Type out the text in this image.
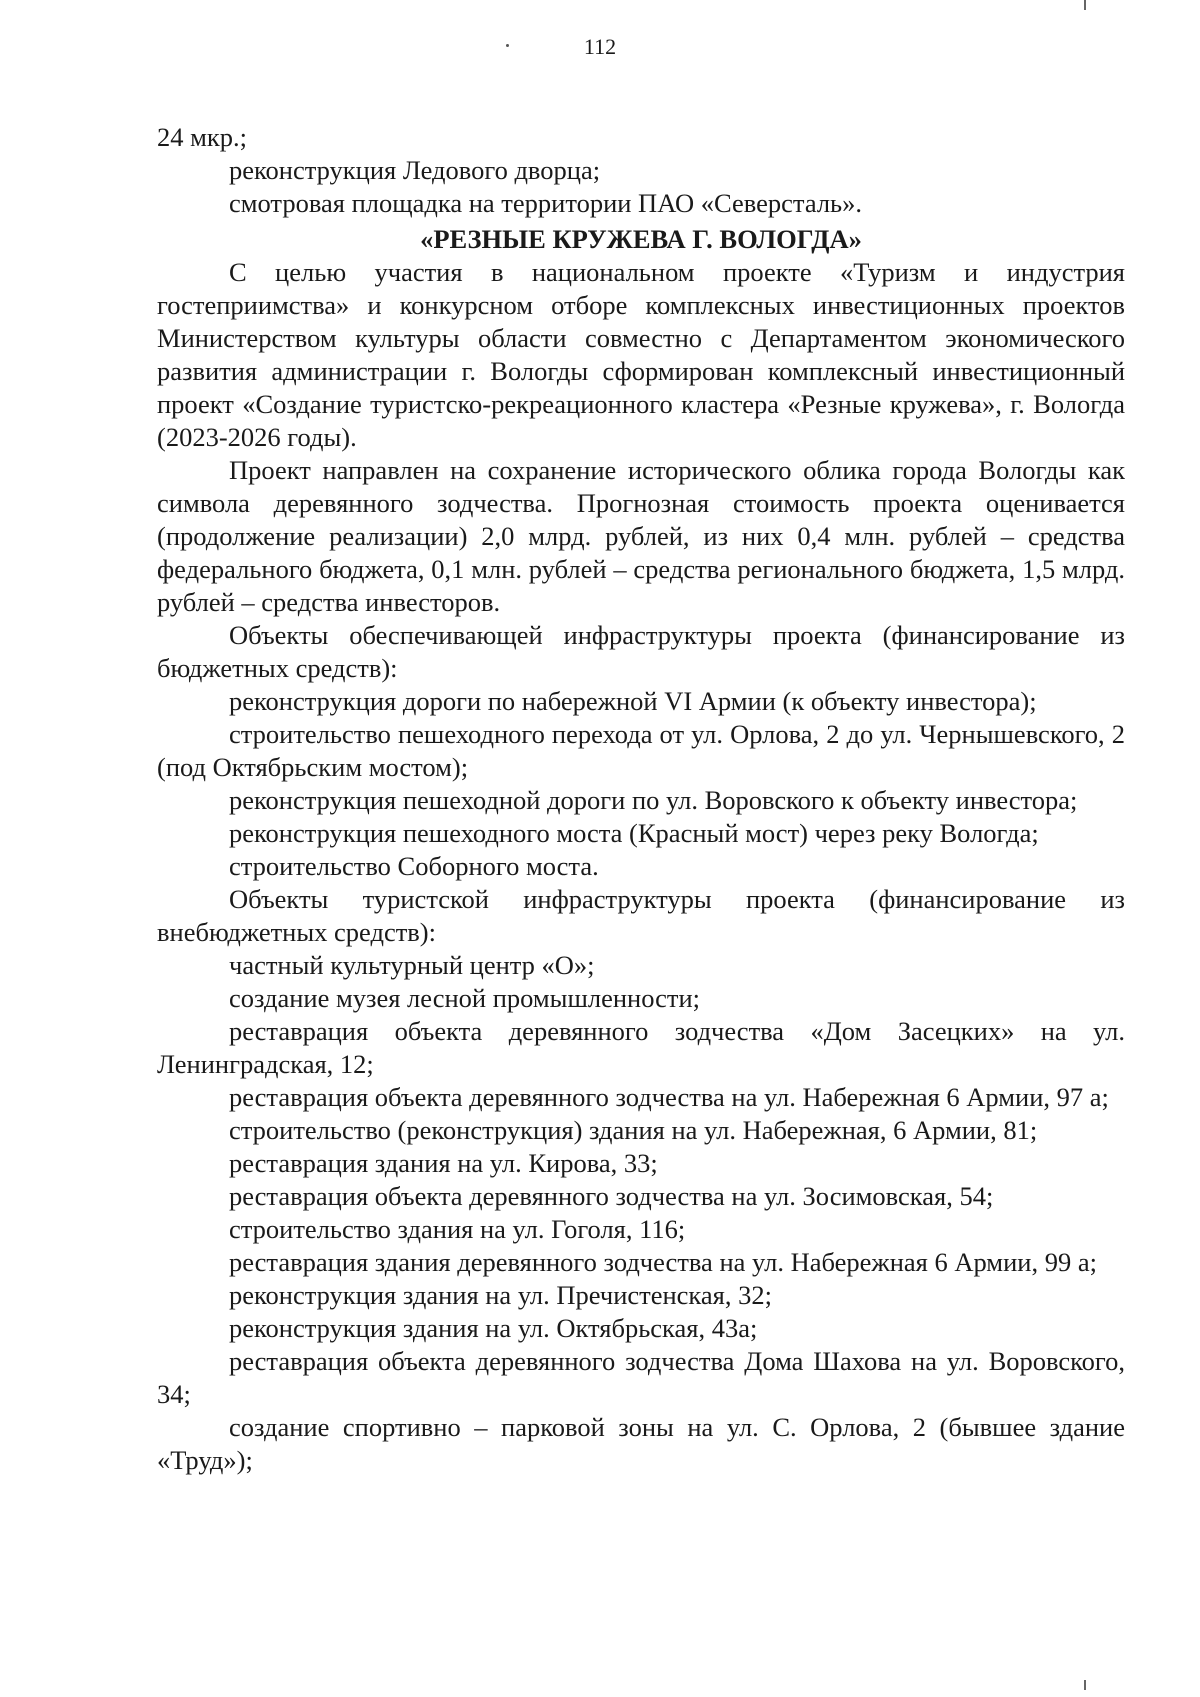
112

24 мкр.;

реконструкция Ледового дворца;

смотровая площадка на территории ПАО «Северсталь».

«РЕЗНЫЕ КРУЖЕВА Г. ВОЛОГДА»

С целью участия в национальном проекте «Туризм и индустрия гостеприимства» и конкурсном отборе комплексных инвестиционных проектов Министерством культуры области совместно с Департаментом экономического развития администрации г. Вологды сформирован комплексный инвестиционный проект «Создание туристско-рекреационного кластера «Резные кружева», г. Вологда (2023-2026 годы).

Проект направлен на сохранение исторического облика города Вологды как символа деревянного зодчества. Прогнозная стоимость проекта оценивается (продолжение реализации) 2,0 млрд. рублей, из них 0,4 млн. рублей – средства федерального бюджета, 0,1 млн. рублей – средства регионального бюджета, 1,5 млрд. рублей – средства инвесторов.

Объекты обеспечивающей инфраструктуры проекта (финансирование из бюджетных средств):

реконструкция дороги по набережной VI Армии (к объекту инвестора);

строительство пешеходного перехода от ул. Орлова, 2 до ул. Чернышевского, 2 (под Октябрьским мостом);

реконструкция пешеходной дороги по ул. Воровского к объекту инвестора;

реконструкция пешеходного моста (Красный мост) через реку Вологда;

строительство Соборного моста.

Объекты туристской инфраструктуры проекта (финансирование из внебюджетных средств):

частный культурный центр «О»;

создание музея лесной промышленности;

реставрация объекта деревянного зодчества «Дом Засецких» на ул. Ленинградская, 12;

реставрация объекта деревянного зодчества на ул. Набережная 6 Армии, 97 а;

строительство (реконструкция) здания на ул. Набережная, 6 Армии, 81;

реставрация здания на ул. Кирова, 33;

реставрация объекта деревянного зодчества на ул. Зосимовская, 54;

строительство здания на ул. Гоголя, 116;

реставрация здания деревянного зодчества на ул. Набережная 6 Армии, 99 а;

реконструкция здания на ул. Пречистенская, 32;

реконструкция здания на ул. Октябрьская, 43а;

реставрация объекта деревянного зодчества Дома Шахова на ул. Воровского, 34;

создание спортивно – парковой зоны на ул. С. Орлова, 2 (бывшее здание «Труд»);
